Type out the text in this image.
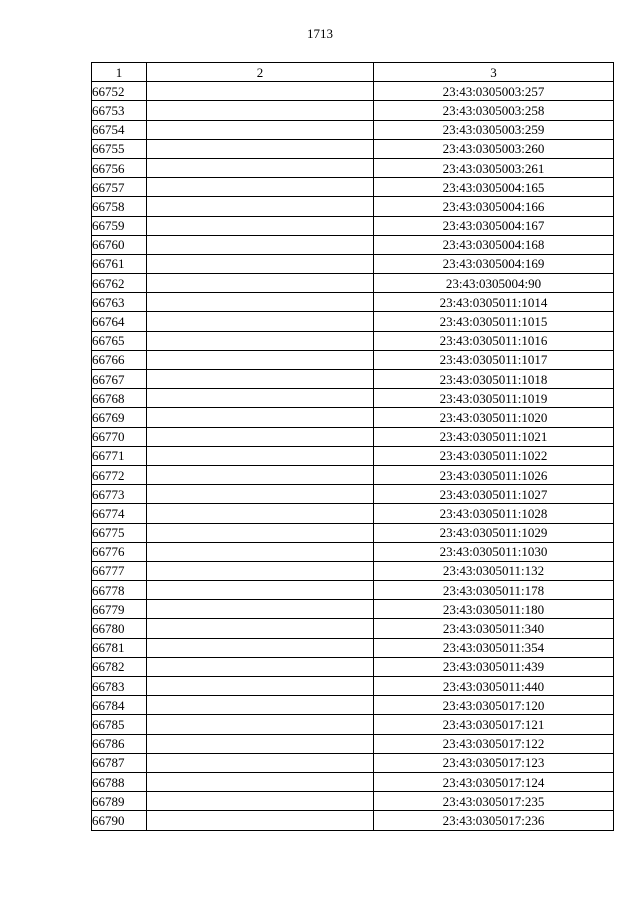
1713
1	2	3
66752		23:43:0305003:257
66753		23:43:0305003:258
66754		23:43:0305003:259
66755		23:43:0305003:260
66756		23:43:0305003:261
66757		23:43:0305004:165
66758		23:43:0305004:166
66759		23:43:0305004:167
66760		23:43:0305004:168
66761		23:43:0305004:169
66762		23:43:0305004:90
66763		23:43:0305011:1014
66764		23:43:0305011:1015
66765		23:43:0305011:1016
66766		23:43:0305011:1017
66767		23:43:0305011:1018
66768		23:43:0305011:1019
66769		23:43:0305011:1020
66770		23:43:0305011:1021
66771		23:43:0305011:1022
66772		23:43:0305011:1026
66773		23:43:0305011:1027
66774		23:43:0305011:1028
66775		23:43:0305011:1029
66776		23:43:0305011:1030
66777		23:43:0305011:132
66778		23:43:0305011:178
66779		23:43:0305011:180
66780		23:43:0305011:340
66781		23:43:0305011:354
66782		23:43:0305011:439
66783		23:43:0305011:440
66784		23:43:0305017:120
66785		23:43:0305017:121
66786		23:43:0305017:122
66787		23:43:0305017:123
66788		23:43:0305017:124
66789		23:43:0305017:235
66790		23:43:0305017:236
